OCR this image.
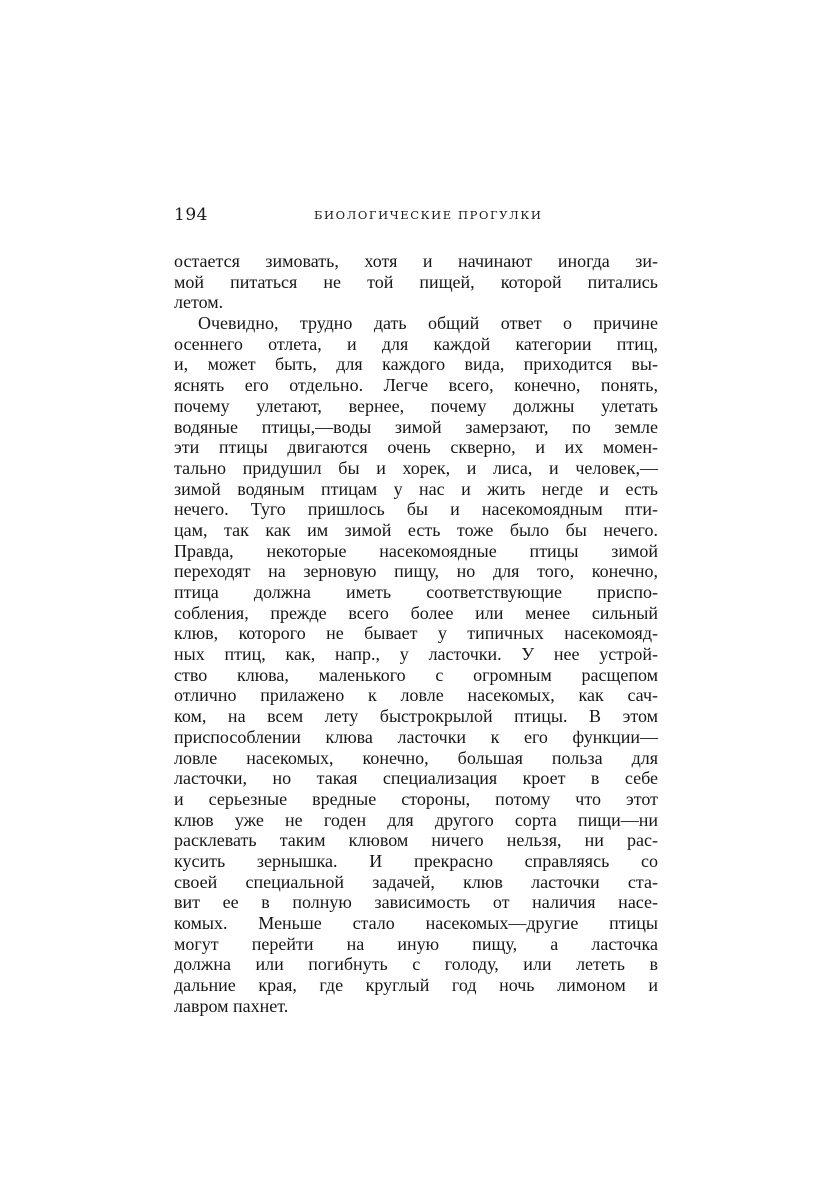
194	БИОЛОГИЧЕСКИЕ ПРОГУЛКИ
остается зимовать, хотя и начинают иногда зи-
мой питаться не той пищей, которой питались
летом.
Очевидно, трудно дать общий ответ о причине
осеннего отлета, и для каждой категории птиц,
и, может быть, для каждого вида, приходится вы-
яснять его отдельно. Легче всего, конечно, понять,
почему улетают, вернее, почему должны улетать
водяные птицы,—воды зимой замерзают, по земле
эти птицы двигаются очень скверно, и их момен-
тально придушил бы и хорек, и лиса, и человек,—
зимой водяным птицам у нас и жить негде и есть
нечего. Туго пришлось бы и насекомоядным пти-
цам, так как им зимой есть тоже было бы нечего.
Правда, некоторые насекомоядные птицы зимой
переходят на зерновую пищу, но для того, конечно,
птица должна иметь соответствующие приспо-
собления, прежде всего более или менее сильный
клюв, которого не бывает у типичных насекомояд-
ных птиц, как, напр., у ласточки. У нее устрой-
ство клюва, маленького с огромным расщепом
отлично прилажено к ловле насекомых, как сач-
ком, на всем лету быстрокрылой птицы. В этом
приспособлении клюва ласточки к его функции—
ловле насекомых, конечно, большая польза для
ласточки, но такая специализация кроет в себе
и серьезные вредные стороны, потому что этот
клюв уже не годен для другого сорта пищи—ни
расклевать таким клювом ничего нельзя, ни рас-
кусить зернышка. И прекрасно справляясь со
своей специальной задачей, клюв ласточки ста-
вит ее в полную зависимость от наличия насе-
комых. Меньше стало насекомых—другие птицы
могут перейти на иную пищу, а ласточка
должна или погибнуть с голоду, или лететь в
дальние края, где круглый год ночь лимоном и
лавром пахнет.
